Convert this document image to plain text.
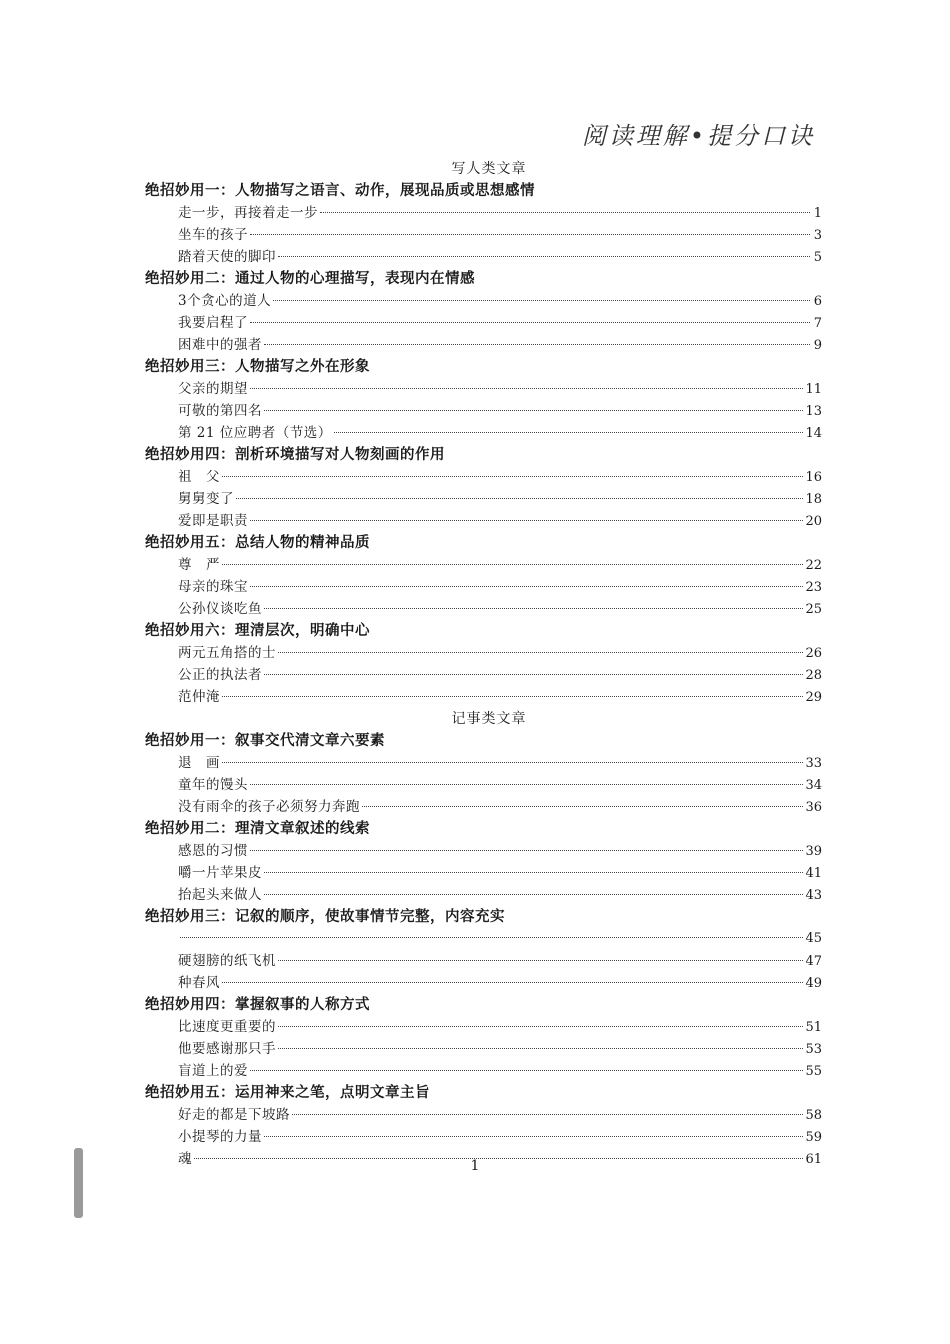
阅读理解•提分口诀
写人类文章
绝招妙用一：人物描写之语言、动作，展现品质或思想感情
走一步，再接着走一步	1
坐车的孩子	3
踏着天使的脚印	5
绝招妙用二：通过人物的心理描写，表现内在情感
3个贪心的道人	6
我要启程了	7
困难中的强者	9
绝招妙用三：人物描写之外在形象
父亲的期望	11
可敬的第四名	13
第 21 位应聘者（节选）	14
绝招妙用四：剖析环境描写对人物刻画的作用
祖　父	16
舅舅变了	18
爱即是职责	20
绝招妙用五：总结人物的精神品质
尊　严	22
母亲的珠宝	23
公孙仪谈吃鱼	25
绝招妙用六：理清层次，明确中心
两元五角搭的士	26
公正的执法者	28
范仲淹	29
记事类文章
绝招妙用一：叙事交代清文章六要素
退　画	33
童年的馒头	34
没有雨伞的孩子必须努力奔跑	36
绝招妙用二：理清文章叙述的线索
感恩的习惯	39
嚼一片苹果皮	41
抬起头来做人	43
绝招妙用三：记叙的顺序，使故事情节完整，内容充实
45
硬翅膀的纸飞机	47
种春风	49
绝招妙用四：掌握叙事的人称方式
比速度更重要的	51
他要感谢那只手	53
盲道上的爱	55
绝招妙用五：运用神来之笔，点明文章主旨
好走的都是下坡路	58
小提琴的力量	59
魂	61
1
